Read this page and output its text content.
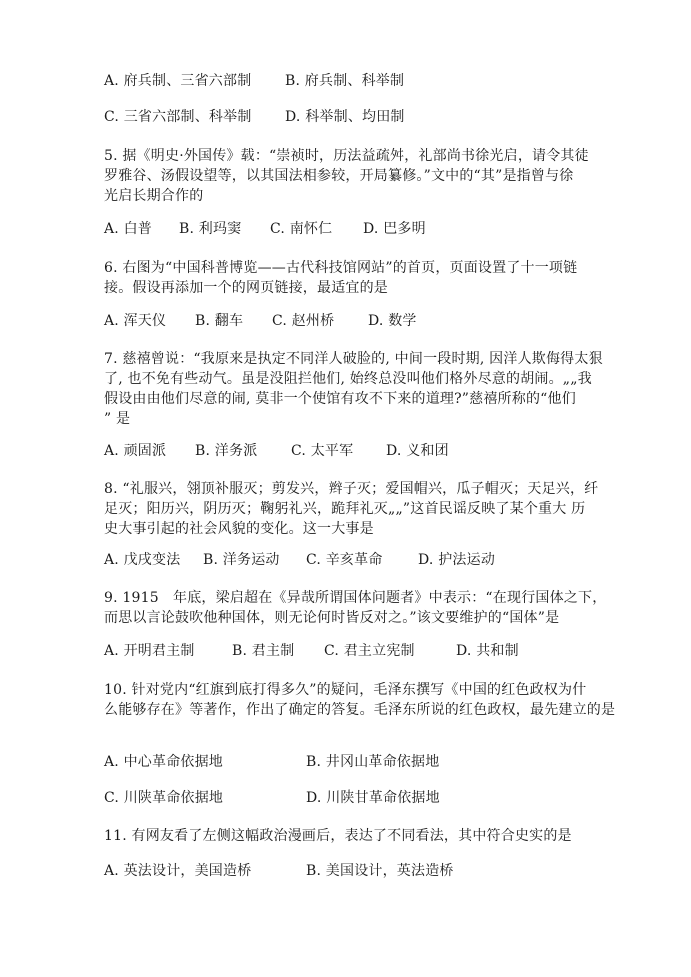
A. 府兵制、三省六部制 B. 府兵制、科举制
C. 三省六部制、科举制 D. 科举制、均田制
5. 据《明史·外国传》载：“崇祯时，历法益疏舛，礼部尚书徐光启，请令其徒
罗雅谷、汤假设望等，以其国法相参较，开局纂修。”文中的“其”是指曾与徐
光启长期合作的
A. 白普 B. 利玛窦 C. 南怀仁 D. 巴多明
6. 右图为“中国科普博览——古代科技馆网站”的首页，页面设置了十一项链
接。假设再添加一个的网页链接，最适宜的是
A. 浑天仪 B. 翻车 C. 赵州桥 D. 数学
7. 慈禧曾说：“我原来是执定不同洋人破脸的, 中间一段时期, 因洋人欺侮得太狠
了, 也不免有些动气。虽是没阻拦他们, 始终总没叫他们格外尽意的胡闹。„„我
假设由由他们尽意的闹, 莫非一个使馆有攻不下来的道理?”慈禧所称的“他们
” 是
A. 顽固派 B. 洋务派 C. 太平军 D. 义和团
8. “礼服兴，翎顶补服灭；剪发兴，辫子灭；爱国帽兴，瓜子帽灭；天足兴，纤
足灭；阳历兴，阴历灭；鞠躬礼兴，跪拜礼灭„„”这首民谣反映了某个重大 历
史大事引起的社会风貌的变化。这一大事是
A. 戊戌变法 B. 洋务运动 C. 辛亥革命	D. 护法运动
9. 1915　年底，梁启超在《异哉所谓国体问题者》中表示：“在现行国体之下，
而思以言论鼓吹他种国体，则无论何时皆反对之。”该文要维护的“国体”是
A. 开明君主制	B. 君主制 C. 君主立宪制	D. 共和制
10. 针对党内“红旗到底打得多久”的疑问，毛泽东撰写《中国的红色政权为什
么能够存在》等著作，作出了确定的答复。毛泽东所说的红色政权，最先建立的是
A. 中心革命依据地	B. 井冈山革命依据地
C. 川陕革命依据地	D. 川陕甘革命依据地
11. 有网友看了左侧这幅政治漫画后，表达了不同看法，其中符合史实的是
A. 英法设计，美国造桥	B. 美国设计，英法造桥
